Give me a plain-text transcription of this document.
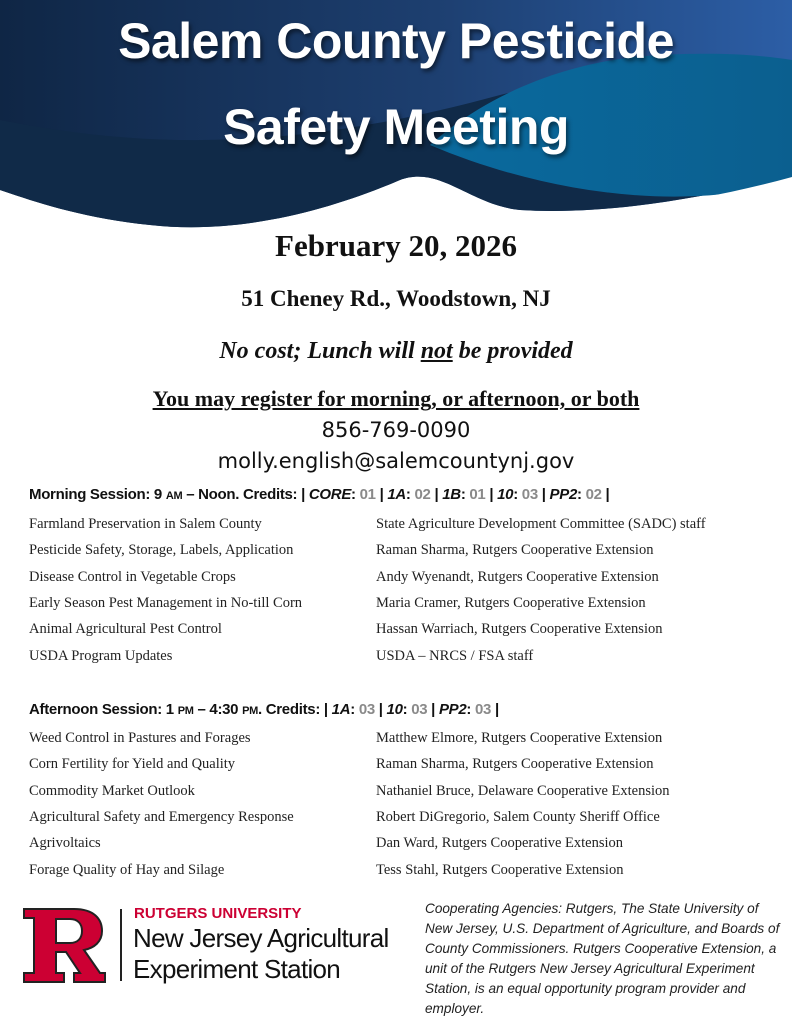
Salem County Pesticide
Safety Meeting
February 20, 2026
51 Cheney Rd., Woodstown, NJ
No cost; Lunch will not be provided
You may register for morning, or afternoon, or both
856-769-0090
molly.english@salemcountynj.gov
Morning Session: 9 AM – Noon. Credits: | CORE: 01 | 1A: 02 | 1B: 01 | 10: 03 | PP2: 02 |
Farmland Preservation in Salem County	State Agriculture Development Committee (SADC) staff
Pesticide Safety, Storage, Labels, Application	Raman Sharma, Rutgers Cooperative Extension
Disease Control in Vegetable Crops	Andy Wyenandt, Rutgers Cooperative Extension
Early Season Pest Management in No-till Corn	Maria Cramer, Rutgers Cooperative Extension
Animal Agricultural Pest Control	Hassan Warriach, Rutgers Cooperative Extension
USDA Program Updates	USDA – NRCS / FSA staff
Afternoon Session: 1 PM – 4:30 PM. Credits: | 1A: 03 | 10: 03 | PP2: 03 |
Weed Control in Pastures and Forages	Matthew Elmore, Rutgers Cooperative Extension
Corn Fertility for Yield and Quality	Raman Sharma, Rutgers Cooperative Extension
Commodity Market Outlook	Nathaniel Bruce, Delaware Cooperative Extension
Agricultural Safety and Emergency Response	Robert DiGregorio, Salem County Sheriff Office
Agrivoltaics	Dan Ward, Rutgers Cooperative Extension
Forage Quality of Hay and Silage	Tess Stahl, Rutgers Cooperative Extension
RUTGERS UNIVERSITY
New Jersey Agricultural
Experiment Station
Cooperating Agencies: Rutgers, The State University of New Jersey, U.S. Department of Agriculture, and Boards of County Commissioners. Rutgers Cooperative Extension, a unit of the Rutgers New Jersey Agricultural Experiment Station, is an equal opportunity program provider and employer.
